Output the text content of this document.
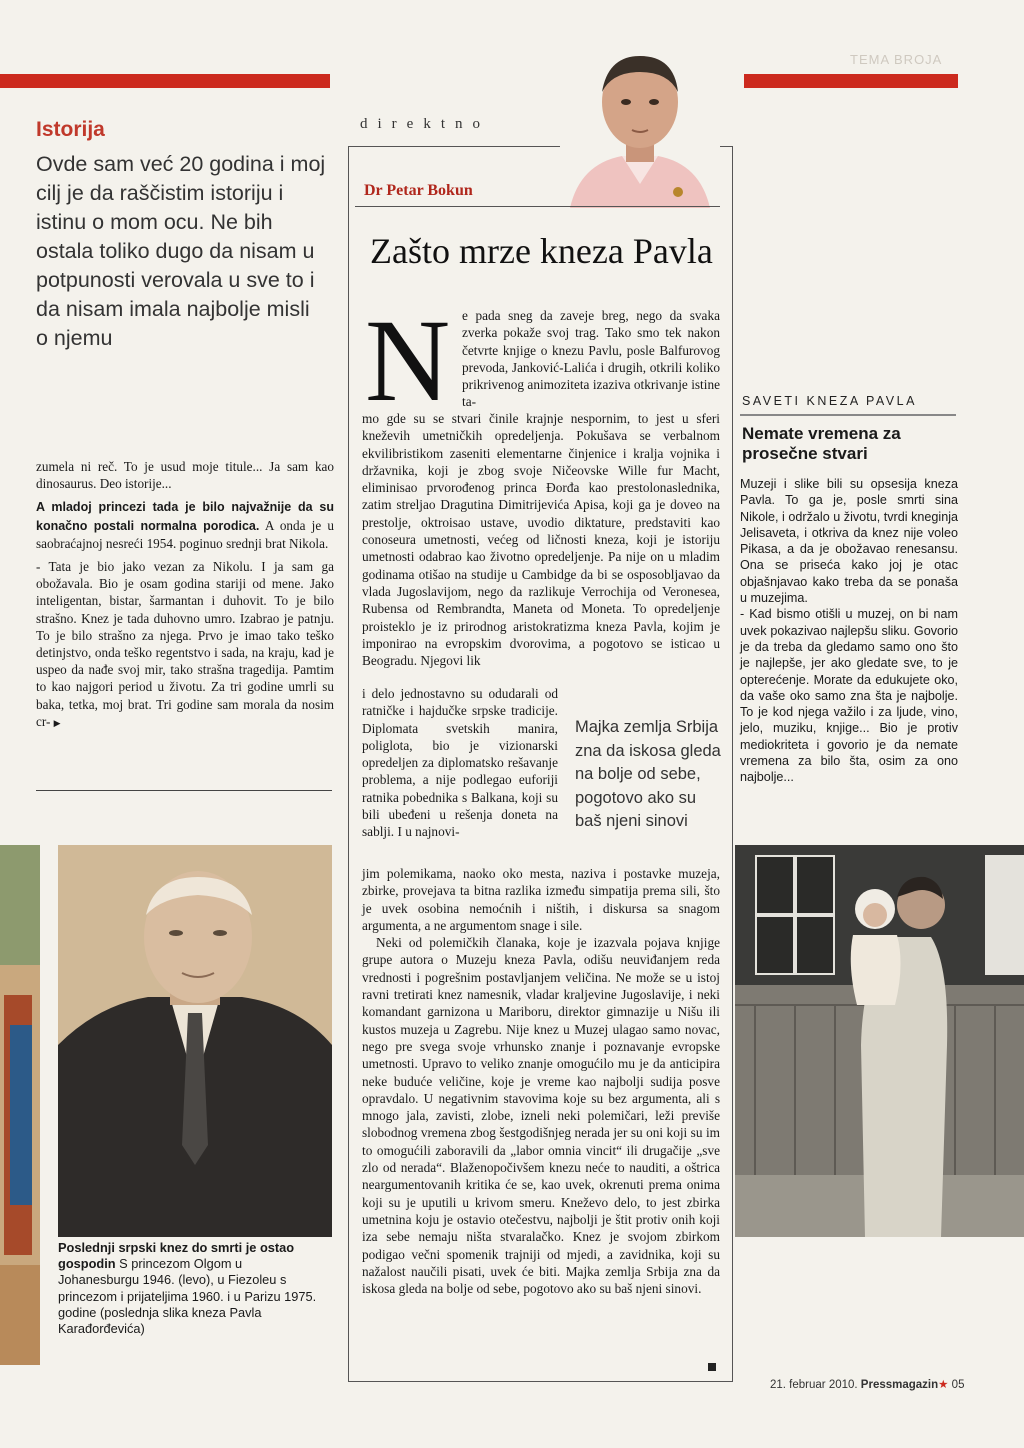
TEMA BROJA
Istorija
Ovde sam već 20 godina i moj cilj je da raščistim istoriju i istinu o mom ocu. Ne bih ostala toliko dugo da nisam u potpunosti verovala u sve to i da nisam imala najbolje misli o njemu

zumela ni reč. To je usud moje titule... Ja sam kao dinosaurus. Deo istorije...

A mladoj princezi tada je bilo najvažnije da su konačno postali normalna porodica. A onda je u saobraćajnoj nesreći 1954. poginuo srednji brat Nikola.

- Tata je bio jako vezan za Nikolu. I ja sam ga obožavala. Bio je osam godina stariji od mene. Jako inteligentan, bistar, šarmantan i duhovit. To je bilo strašno. Knez je tada duhovno umro. Izabrao je patnju. To je bilo strašno za njega. Prvo je imao tako teško detinjstvo, onda teško regentstvo i sada, na kraju, kad je uspeo da nađe svoj mir, tako strašna tragedija. Pamtim to kao najgori period u životu. Za tri godine umrli su baka, tetka, moj brat. Tri godine sam morala da nosim cr- ▶

direktno
Dr Petar Bokun
Zašto mrze kneza Pavla
N e pada sneg da zaveje breg, nego da svaka zverka pokaže svoj trag. Tako smo tek nakon četvrte knjige o knezu Pavlu, posle Balfurovog prevoda, Janković-Lalića i drugih, otkrili koliko prikrivenog animoziteta izaziva otkrivanje istine ta-
mo gde su se stvari činile krajnje nespornim, to jest u sferi kneževih umetničkih opredeljenja. Pokušava se verbalnom ekvilibristikom zaseniti elementarne činjenice i kralja vojnika i državnika, koji je zbog svoje Ničeovske Wille fur Macht, eliminisao prvorođenog princa Đorđa kao prestolonaslednika, zatim streljao Dragutina Dimitrijevića Apisa, koji ga je doveo na prestolje, oktroisao ustave, uvodio diktature, predstaviti kao conoseura umetnosti, većeg od ličnosti kneza, koji je istoriju umetnosti odabrao kao životno opredeljenje. Pa nije on u mladim godinama otišao na studije u Cambidge da bi se osposobljavao da vlada Jugoslavijom, nego da razlikuje Verrochija od Veronesea, Rubensa od Rembrandta, Maneta od Moneta. To opredeljenje proisteklo je iz prirodnog aristokratizma kneza Pavla, kojim je imponirao na evropskim dvorovima, a pogotovo se isticao u Beogradu. Njegovi lik
i delo jednostavno su odudarali od ratničke i hajdučke srpske tradicije. Diplomata svetskih manira, poliglota, bio je vizionarski opredeljen za diplomatsko rešavanje problema, a nije podlegao euforiji ratnika pobednika s Balkana, koji su bili ubeđeni u rešenja doneta na sablji. I u najnovi-
Majka zemlja Srbija zna da iskosa gleda na bolje od sebe, pogotovo ako su baš njeni sinovi

jim polemikama, naoko oko mesta, naziva i postavke muzeja, zbirke, provejava ta bitna razlika između simpatija prema sili, što je uvek osobina nemoćnih i ništih, i diskursa sa snagom argumenta, a ne argumentom snage i sile.

Neki od polemičkih članaka, koje je izazvala pojava knjige grupe autora o Muzeju kneza Pavla, odišu neuviđanjem reda vrednosti i pogrešnim postavljanjem veličina. Ne može se u istoj ravni tretirati knez namesnik, vladar kraljevine Jugoslavije, i neki komandant garnizona u Mariboru, direktor gimnazije u Nišu ili kustos muzeja u Zagrebu. Nije knez u Muzej ulagao samo novac, nego pre svega svoje vrhunsko znanje i poznavanje evropske umetnosti. Upravo to veliko znanje omogućilo mu je da anticipira neke buduće veličine, koje je vreme kao najbolji sudija posve opravdalo. U negativnim stavovima koje su bez argumenta, ali s mnogo jala, zavisti, zlobe, izneli neki polemičari, leži previše slobodnog vremena zbog šestgodišnjeg nerada jer su oni koji su im to omogućili zaboravili da „labor omnia vincit“ ili drugačije „sve zlo od nerada“. Blaženopočivšem knezu neće to nauditi, a oštrica neargumentovanih kritika će se, kao uvek, okrenuti prema onima koji su je uputili u krivom smeru. Kneževo delo, to jest zbirka umetnina koju je ostavio otečestvu, najbolji je štit protiv onih koji iza sebe nemaju ništa stvaralačko. Knez je svojom zbirkom podigao večni spomenik trajniji od mjedi, a zavidnika, koji su nažalost naučili pisati, uvek će biti. Majka zemlja Srbija zna da iskosa gleda na bolje od sebe, pogotovo ako su baš njeni sinovi.

SAVETI KNEZA PAVLA
Nemate vremena za prosečne stvari

Muzeji i slike bili su opsesija kneza Pavla. To ga je, posle smrti sina Nikole, i održalo u životu, tvrdi kneginja Jelisaveta, i otkriva da knez nije voleo Pikasa, a da je obožavao renesansu. Ona se priseća kako joj je otac objašnjavao kako treba da se ponaša u muzejima.

- Kad bismo otišli u muzej, on bi nam uvek pokazivao najlepšu sliku. Govorio je da treba da gledamo samo ono što je najlepše, jer ako gledate sve, to je opterećenje. Morate da edukujete oko, da vaše oko samo zna šta je najbolje. To je kod njega važilo i za ljude, vino, jelo, muziku, knjige... Bio je protiv mediokriteta i govorio je da nemate vremena za bilo šta, osim za ono najbolje...

Poslednji srpski knez do smrti je ostao gospodin S princezom Olgom u Johanesburgu 1946. (levo), u Fiezoleu s princezom i prijateljima 1960. i u Parizu 1975. godine (poslednja slika kneza Pavla Karađorđevića)
21. februar 2010. Pressmagazin★ 05
